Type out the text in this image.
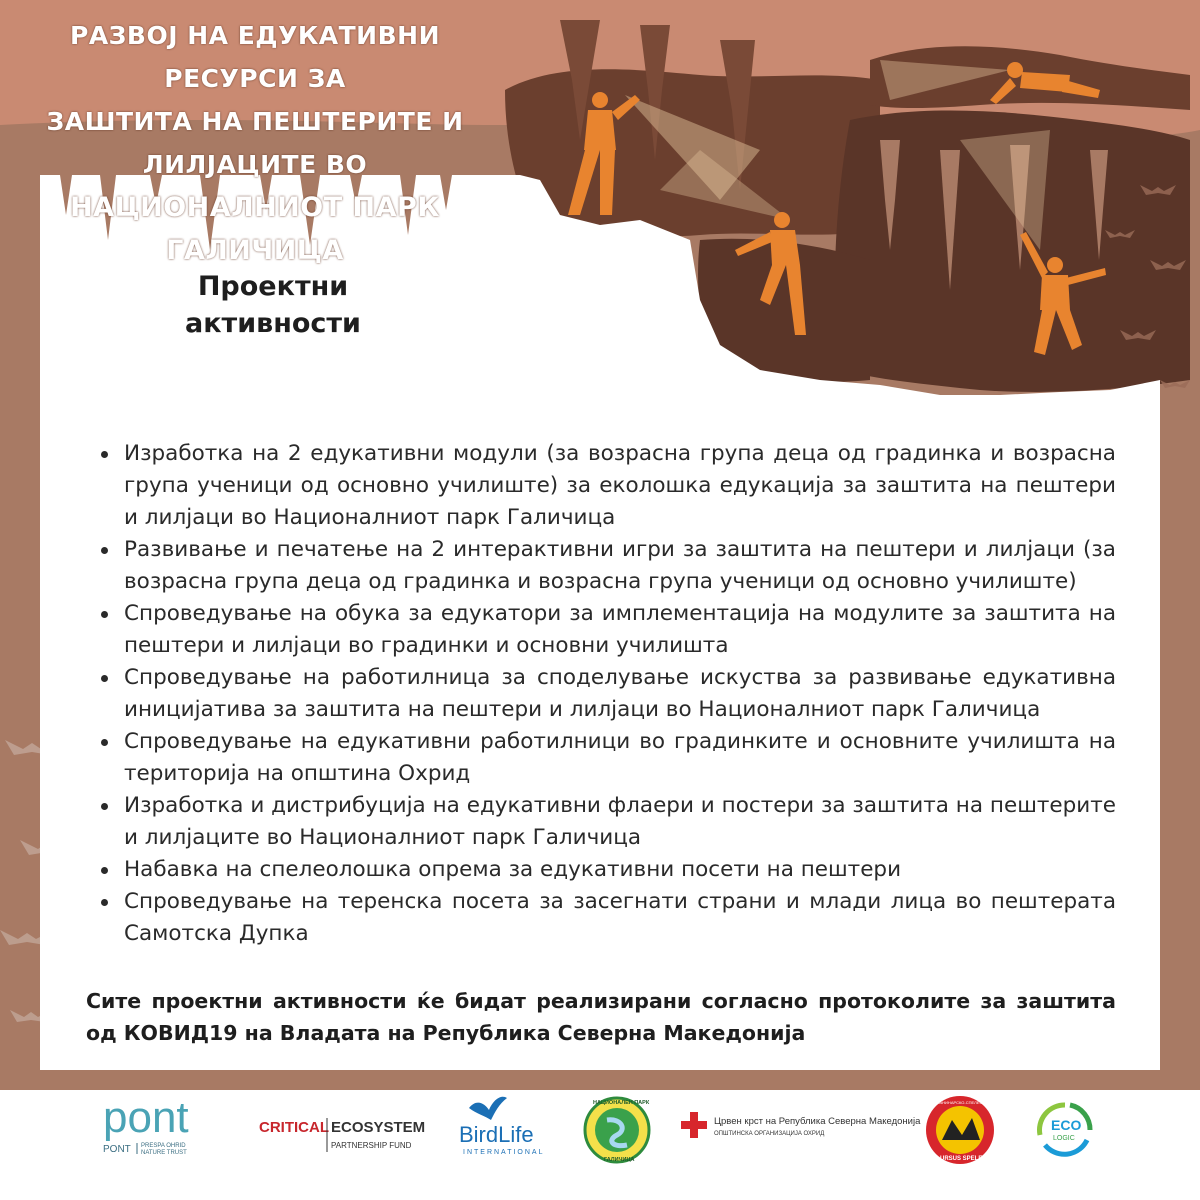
РАЗВОЈ НА ЕДУКАТИВНИ РЕСУРСИ ЗА
ЗАШТИТА НА ПЕШТЕРИТЕ И ЛИЛЈАЦИТЕ ВО
НАЦИОНАЛНИОТ ПАРК ГАЛИЧИЦА
Проектни
активности
Изработка на 2 едукативни модули (за возрасна група деца од градинка и возрасна група ученици од основно училиште) за еколошка едукација за заштита на пештери и лилјаци во Националниот парк Галичица
Развивање и печатење на 2 интерактивни игри за заштита на пештери и лилјаци (за возрасна група деца од градинка и возрасна група ученици од основно училиште)
Спроведување на обука за едукатори за имплементација на модулите за заштита на пештери и лилјаци во градинки и основни училишта
Спроведување на работилница за споделување искуства за развивање едукативна иницијатива за заштита на пештери и лилјаци во Националниот парк Галичица
Спроведување на едукативни работилници во градинките и основните училишта на територија на општина Охрид
Изработка и дистрибуција на едукативни флаери и постери за заштита на пештерите и лилјаците во Националниот парк Галичица
Набавка на спелеолошка опрема за едукативни посети на пештери
Спроведување на теренска посета за засегнати страни и млади лица во пештерата Самотска Дупка
Сите проектни активности ќе бидат реализирани согласно протоколите за заштита од КОВИД19 на Владата на Република Северна Македонија
pont
PONT PRESPA OHRID
NATURE TRUST
CRITICAL ECOSYSTEM
PARTNERSHIP FUND BirdLife
INTERNATIONAL
НАЦИОНАЛЕН ПАРК
ГАЛИЧИЦА
Црвен крст на Република Северна Македонија
ОПШТИНСКА ОРГАНИЗАЦИЈА ОХРИД
ПЛАНИНАРСКО-СПЕЛЕОЛОШКО ДРУШТВО
URSUS SPELEOS
ECO
LOGIC
